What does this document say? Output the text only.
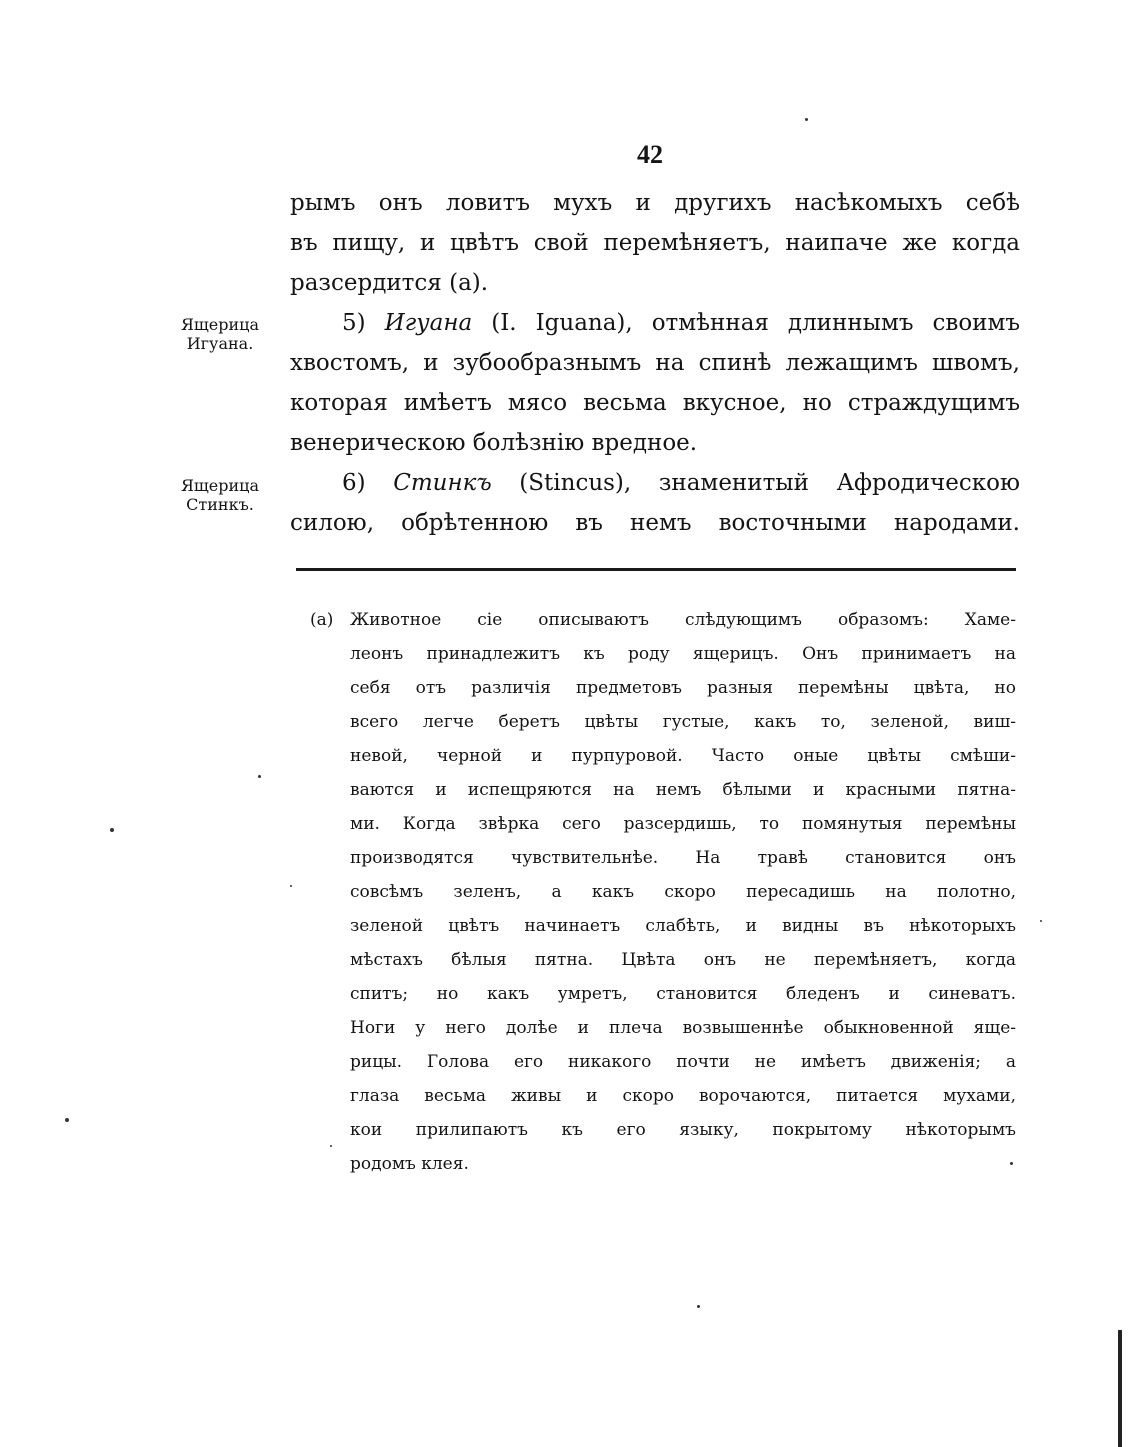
42
рымъ онъ ловитъ мухъ и другихъ насѣкомыхъ себѣ
въ пищу, и цвѣтъ свой перемѣняетъ, наипаче же когда
разсердится (а).
5) Игуана (I. Iguana), отмѣнная длиннымъ своимъ
хвостомъ, и зубообразнымъ на спинѣ лежащимъ швомъ,
которая имѣетъ мясо весьма вкусное, но страждущимъ
венерическою болѣзнію вредное.
6) Стинкъ (Stincus), знаменитый Афродическою
силою, обрѣтенною въ немъ восточными народами.
Ящерица Игуана.
Ящерица Стинкъ.
(а) Животное сіе описываютъ слѣдующимъ образомъ: Хаме-
леонъ принадлежитъ къ роду ящерицъ. Онъ принимаетъ на
себя отъ различія предметовъ разныя перемѣны цвѣта, но
всего легче беретъ цвѣты густые, какъ то, зеленой, виш-
невой, черной и пурпуровой. Часто оные цвѣты смѣши-
ваются и испещряются на немъ бѣлыми и красными пятна-
ми. Когда звѣрка сего разсердишь, то помянутыя перемѣны
производятся чувствительнѣе. На травѣ становится онъ
совсѣмъ зеленъ, а какъ скоро пересадишь на полотно,
зеленой цвѣтъ начинаетъ слабѣть, и видны въ нѣкоторыхъ
мѣстахъ бѣлыя пятна. Цвѣта онъ не перемѣняетъ, когда
спитъ; но какъ умретъ, становится бледенъ и синеватъ.
Ноги у него долѣе и плеча возвышеннѣе обыкновенной яще-
рицы. Голова его никакого почти не имѣетъ движенія; а
глаза весьма живы и скоро ворочаются, питается мухами,
кои прилипаютъ къ его языку, покрытому нѣкоторымъ
родомъ клея.
